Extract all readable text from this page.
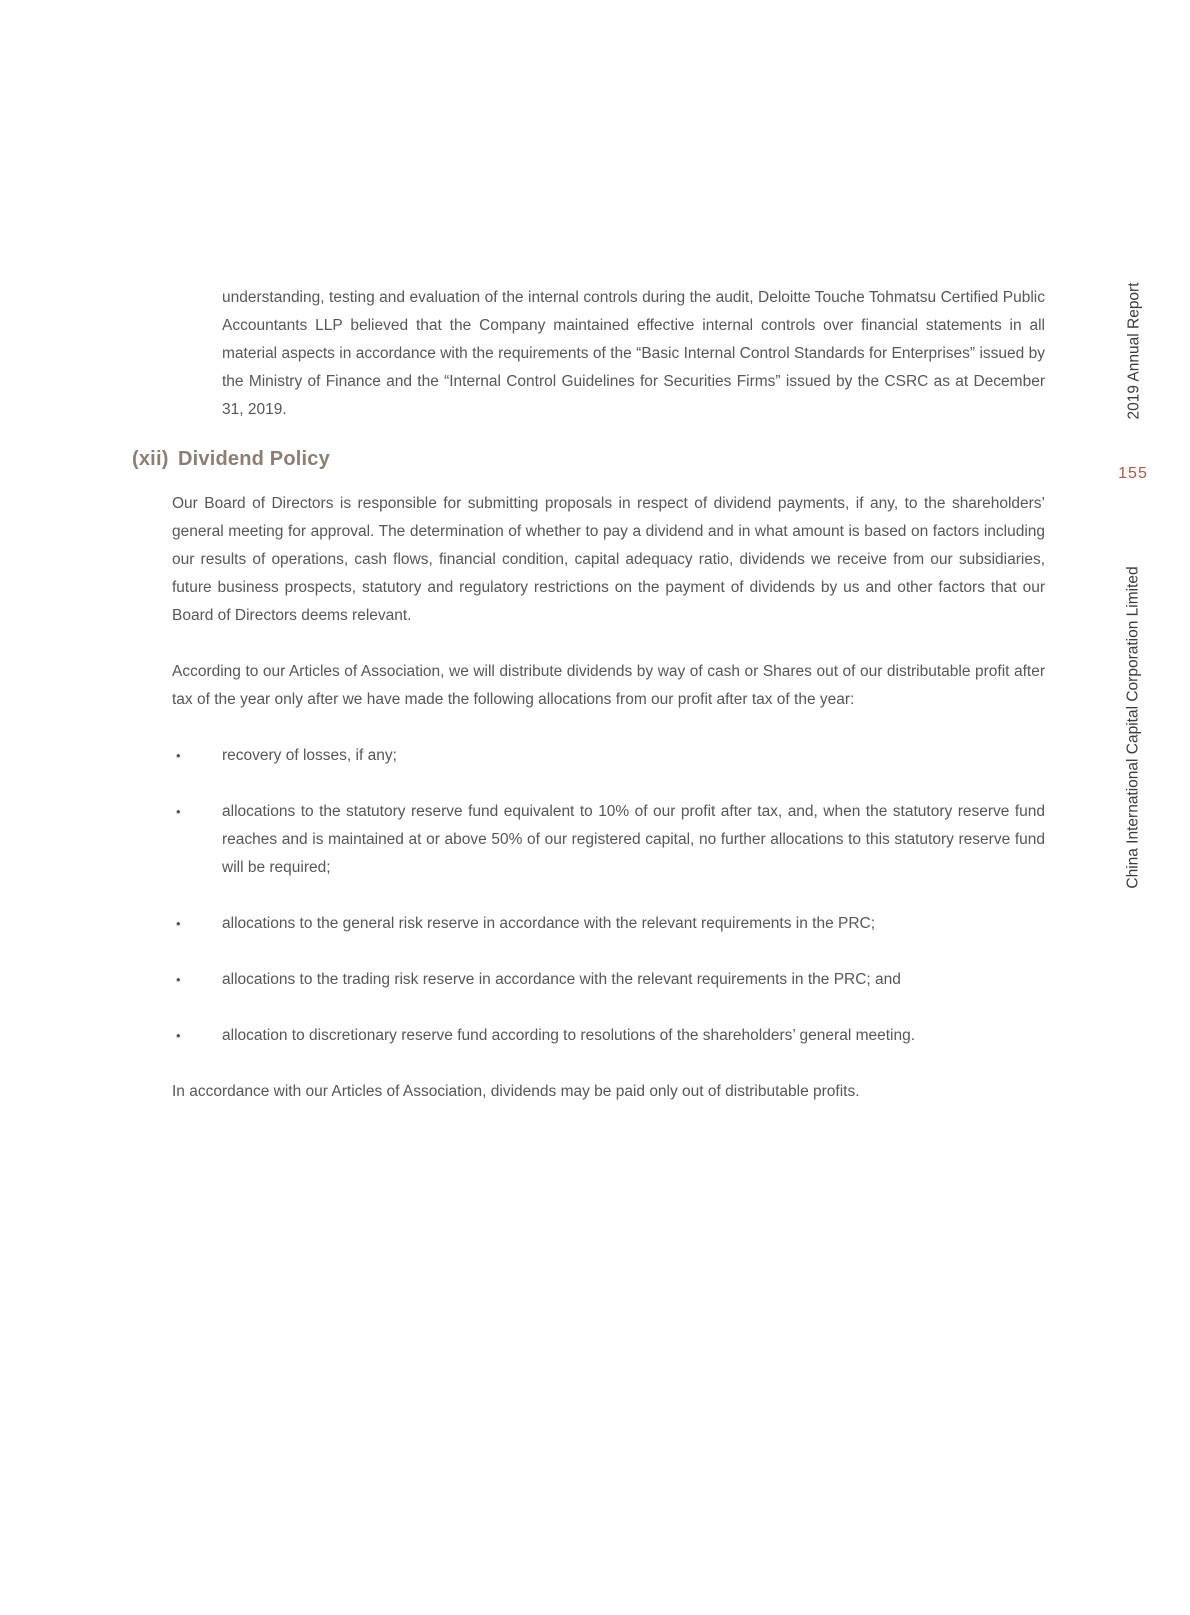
understanding, testing and evaluation of the internal controls during the audit, Deloitte Touche Tohmatsu Certified Public Accountants LLP believed that the Company maintained effective internal controls over financial statements in all material aspects in accordance with the requirements of the “Basic Internal Control Standards for Enterprises” issued by the Ministry of Finance and the “Internal Control Guidelines for Securities Firms” issued by the CSRC as at December 31, 2019.

(xii) Dividend Policy

Our Board of Directors is responsible for submitting proposals in respect of dividend payments, if any, to the shareholders’ general meeting for approval. The determination of whether to pay a dividend and in what amount is based on factors including our results of operations, cash flows, financial condition, capital adequacy ratio, dividends we receive from our subsidiaries, future business prospects, statutory and regulatory restrictions on the payment of dividends by us and other factors that our Board of Directors deems relevant.

According to our Articles of Association, we will distribute dividends by way of cash or Shares out of our distributable profit after tax of the year only after we have made the following allocations from our profit after tax of the year:

•	recovery of losses, if any;
•	allocations to the statutory reserve fund equivalent to 10% of our profit after tax, and, when the statutory reserve fund reaches and is maintained at or above 50% of our registered capital, no further allocations to this statutory reserve fund will be required;
•	allocations to the general risk reserve in accordance with the relevant requirements in the PRC;
•	allocations to the trading risk reserve in accordance with the relevant requirements in the PRC; and
•	allocation to discretionary reserve fund according to resolutions of the shareholders’ general meeting.

In accordance with our Articles of Association, dividends may be paid only out of distributable profits.

2019 Annual Report
155
China International Capital Corporation Limited
